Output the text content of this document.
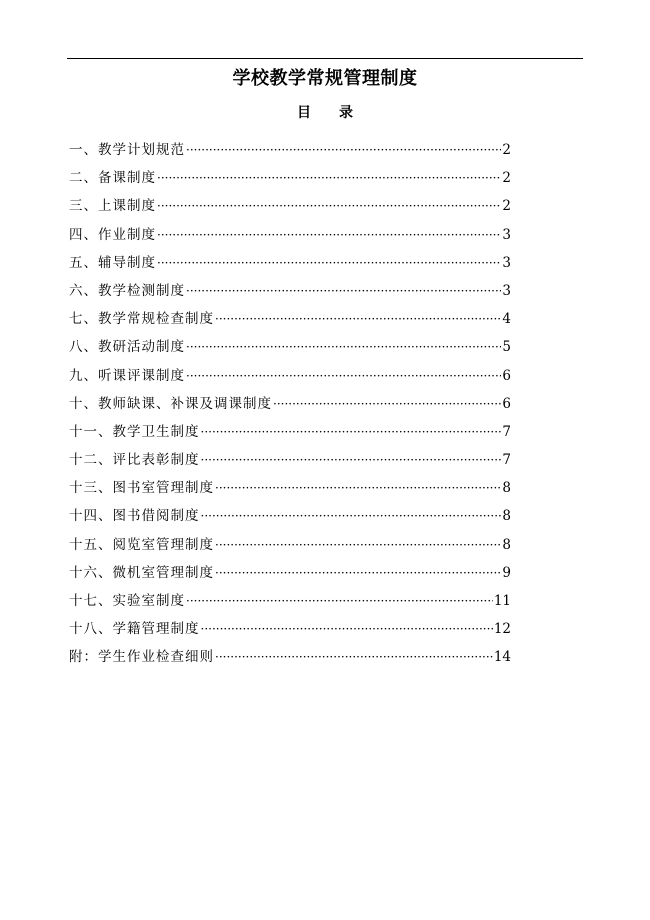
学校教学常规管理制度
目 录
一、教学计划规范 ·····	2
二、备课制度 ·····	2
三、上课制度 ·····	2
四、作业制度 ·····	3
五、辅导制度 ·····	3
六、教学检测制度 ·····	3
七、教学常规检查制度 ·····	4
八、教研活动制度 ·····	5
九、听课评课制度 ·····	6
十、教师缺课、补课及调课制度 ·····	6
十一、教学卫生制度 ·····	7
十二、评比表彰制度 ·····	7
十三、图书室管理制度 ·····	8
十四、图书借阅制度 ·····	8
十五、阅览室管理制度 ·····	8
十六、微机室管理制度 ·····	9
十七、实验室制度 ·····	11
十八、学籍管理制度 ·····	12
附：学生作业检查细则 ·····	14
